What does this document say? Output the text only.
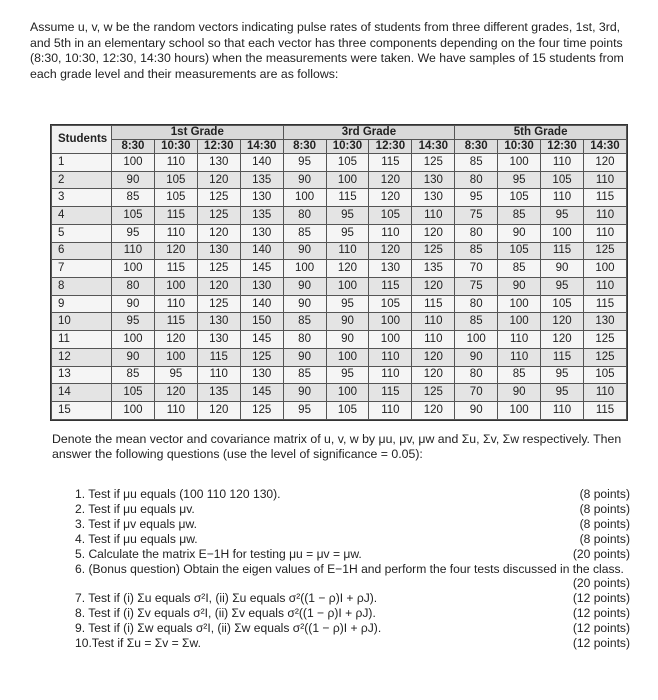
Assume u, v, w be the random vectors indicating pulse rates of students from three different grades, 1st, 3rd, and 5th in an elementary school so that each vector has three components depending on the four time points (8:30, 10:30, 12:30, 14:30 hours) when the measurements were taken. We have samples of 15 students from each grade level and their measurements are as follows:

Students	1st Grade				3rd Grade				5th Grade			
	8:30	10:30	12:30	14:30	8:30	10:30	12:30	14:30	8:30	10:30	12:30	14:30
1	100	110	130	140	95	105	115	125	85	100	110	120
2	90	105	120	135	90	100	120	130	80	95	105	110
3	85	105	125	130	100	115	120	130	95	105	110	115
4	105	115	125	135	80	95	105	110	75	85	95	110
5	95	110	120	130	85	95	110	120	80	90	100	110
6	110	120	130	140	90	110	120	125	85	105	115	125
7	100	115	125	145	100	120	130	135	70	85	90	100
8	80	100	120	130	90	100	115	120	75	90	95	110
9	90	110	125	140	90	95	105	115	80	100	105	115
10	95	115	130	150	85	90	100	110	85	100	120	130
11	100	120	130	145	80	90	100	110	100	110	120	125
12	90	100	115	125	90	100	110	120	90	110	115	125
13	85	95	110	130	85	95	110	120	80	85	95	105
14	105	120	135	145	90	100	115	125	70	90	95	110
15	100	110	120	125	95	105	110	120	90	100	110	115

Denote the mean vector and covariance matrix of u, v, w by μu, μv, μw and Σu, Σv, Σw respectively. Then answer the following questions (use the level of significance = 0.05):

1. Test if μu equals (100 110 120 130).	(8 points)
2. Test if μu equals μv.	(8 points)
3. Test if μv equals μw.	(8 points)
4. Test if μu equals μw.	(8 points)
5. Calculate the matrix E−1H for testing μu = μv = μw.	(20 points)
6. (Bonus question) Obtain the eigen values of E−1H and perform the four tests discussed in the class.
(20 points)
7. Test if (i) Σu equals σ²I, (ii) Σu equals σ²((1 − ρ)I + ρJ).	(12 points)
8. Test if (i) Σv equals σ²I, (ii) Σv equals σ²((1 − ρ)I + ρJ).	(12 points)
9. Test if (i) Σw equals σ²I, (ii) Σw equals σ²((1 − ρ)I + ρJ).	(12 points)
10.Test if Σu = Σv = Σw.	(12 points)
